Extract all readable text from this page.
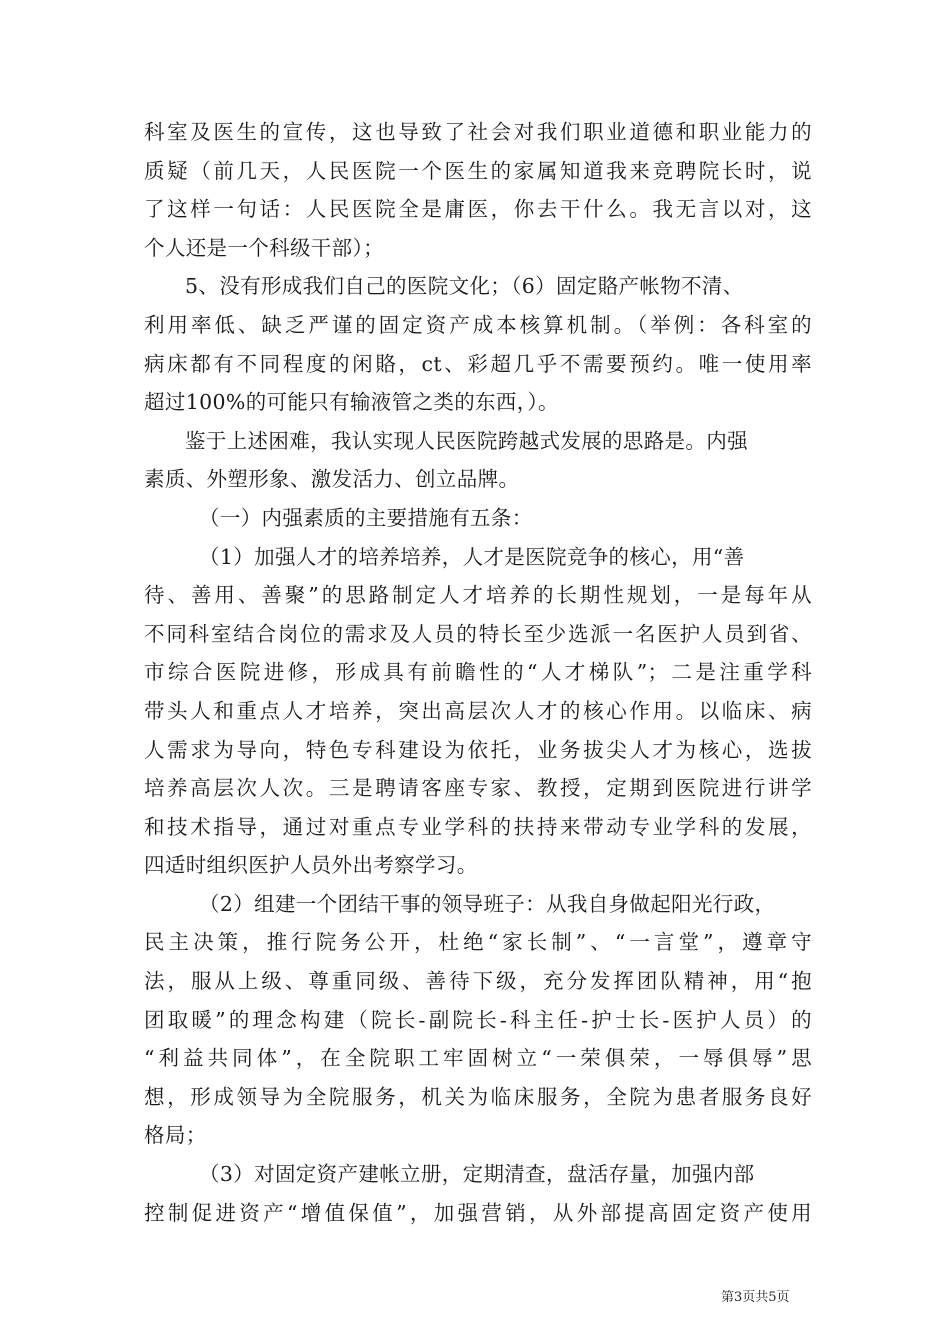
科室及医生的宣传，这也导致了社会对我们职业道德和职业能力的
质疑（前几天，人民医院一个医生的家属知道我来竞聘院长时，说
了这样一句话：人民医院全是庸医，你去干什么。我无言以对，这
个人还是一个科级干部）；
5、没有形成我们自己的医院文化；（6）固定賂产帐物不清、
利用率低、缺乏严谨的固定资产成本核算机制。（举例：各科室的
病床都有不同程度的闲賂，ct、彩超几乎不需要预约。唯一使用率
超过100%的可能只有输液管之类的东西，）。
鉴于上述困难，我认实现人民医院跨越式发展的思路是。内强
素质、外塑形象、激发活力、创立品牌。
（一）内强素质的主要措施有五条：
（1）加强人才的培养培养，人才是医院竞争的核心，用“善
待、善用、善聚”的思路制定人才培养的长期性规划，一是每年从
不同科室结合岗位的需求及人员的特长至少选派一名医护人员到省、
市综合医院进修，形成具有前瞻性的“人才梯队”；二是注重学科
带头人和重点人才培养，突出高层次人才的核心作用。以临床、病
人需求为导向，特色专科建设为依托，业务拔尖人才为核心，选拔
培养高层次人次。三是聘请客座专家、教授，定期到医院进行讲学
和技术指导，通过对重点专业学科的扶持来带动专业学科的发展，
四适时组织医护人员外出考察学习。
（2）组建一个团结干事的领导班子：从我自身做起阳光行政，
民主决策，推行院务公开，杜绝“家长制”、“一言堂”，遵章守
法，服从上级、尊重同级、善待下级，充分发挥团队精神，用“抱
团取暖”的理念构建（院长-副院长-科主任-护士长-医护人员）的
“利益共同体”，在全院职工牢固树立“一荣俱荣，一辱俱辱”思
想，形成领导为全院服务，机关为临床服务，全院为患者服务良好
格局；
（3）对固定资产建帐立册，定期清查，盘活存量，加强内部
控制促进资产“增值保值”，加强营销，从外部提高固定资产使用
第3页共5页
